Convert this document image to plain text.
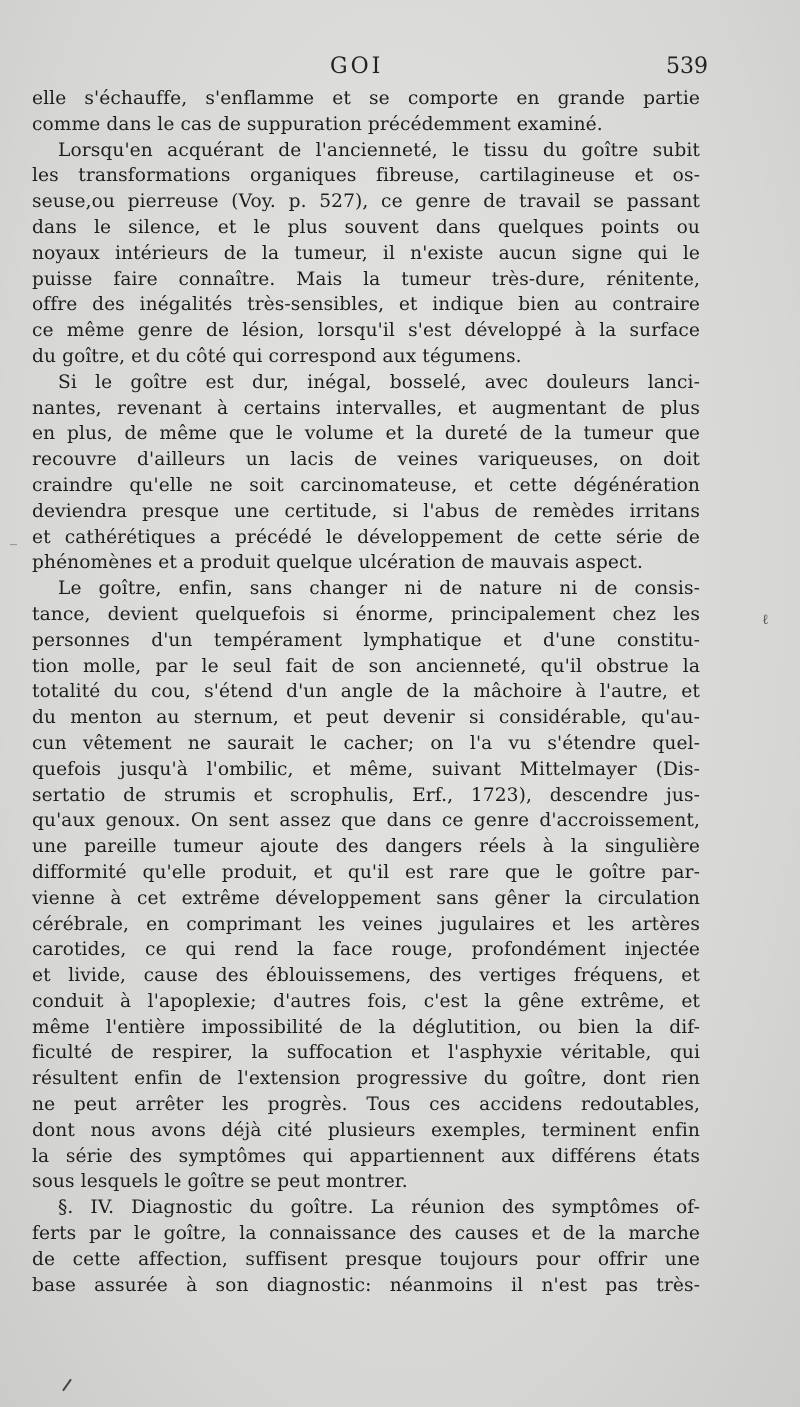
GOI	539
elle s'échauffe, s'enflamme et se comporte en grande partie
comme dans le cas de suppuration précédemment examiné.
Lorsqu'en acquérant de l'ancienneté, le tissu du goître subit
les transformations organiques fibreuse, cartilagineuse et os-
seuse,ou pierreuse (Voy. p. 527), ce genre de travail se passant
dans le silence, et le plus souvent dans quelques points ou
noyaux intérieurs de la tumeur, il n'existe aucun signe qui le
puisse faire connaître. Mais la tumeur très-dure, rénitente,
offre des inégalités très-sensibles, et indique bien au contraire
ce même genre de lésion, lorsqu'il s'est développé à la surface
du goître, et du côté qui correspond aux tégumens.
Si le goître est dur, inégal, bosselé, avec douleurs lanci-
nantes, revenant à certains intervalles, et augmentant de plus
en plus, de même que le volume et la dureté de la tumeur que
recouvre d'ailleurs un lacis de veines variqueuses, on doit
craindre qu'elle ne soit carcinomateuse, et cette dégénération
deviendra presque une certitude, si l'abus de remèdes irritans
et cathérétiques a précédé le développement de cette série de
phénomènes et a produit quelque ulcération de mauvais aspect.
Le goître, enfin, sans changer ni de nature ni de consis-
tance, devient quelquefois si énorme, principalement chez les
personnes d'un tempérament lymphatique et d'une constitu-
tion molle, par le seul fait de son ancienneté, qu'il obstrue la
totalité du cou, s'étend d'un angle de la mâchoire à l'autre, et
du menton au sternum, et peut devenir si considérable, qu'au-
cun vêtement ne saurait le cacher; on l'a vu s'étendre quel-
quefois jusqu'à l'ombilic, et même, suivant Mittelmayer (Dis-
sertatio de strumis et scrophulis, Erf., 1723), descendre jus-
qu'aux genoux. On sent assez que dans ce genre d'accroissement,
une pareille tumeur ajoute des dangers réels à la singulière
difformité qu'elle produit, et qu'il est rare que le goître par-
vienne à cet extrême développement sans gêner la circulation
cérébrale, en comprimant les veines jugulaires et les artères
carotides, ce qui rend la face rouge, profondément injectée
et livide, cause des éblouissemens, des vertiges fréquens, et
conduit à l'apoplexie; d'autres fois, c'est la gêne extrême, et
même l'entière impossibilité de la déglutition, ou bien la dif-
ficulté de respirer, la suffocation et l'asphyxie véritable, qui
résultent enfin de l'extension progressive du goître, dont rien
ne peut arrêter les progrès. Tous ces accidens redoutables,
dont nous avons déjà cité plusieurs exemples, terminent enfin
la série des symptômes qui appartiennent aux différens états
sous lesquels le goître se peut montrer.
§. IV. Diagnostic du goître. La réunion des symptômes of-
ferts par le goître, la connaissance des causes et de la marche
de cette affection, suffisent presque toujours pour offrir une
base assurée à son diagnostic: néanmoins il n'est pas très-
_
ℓ
